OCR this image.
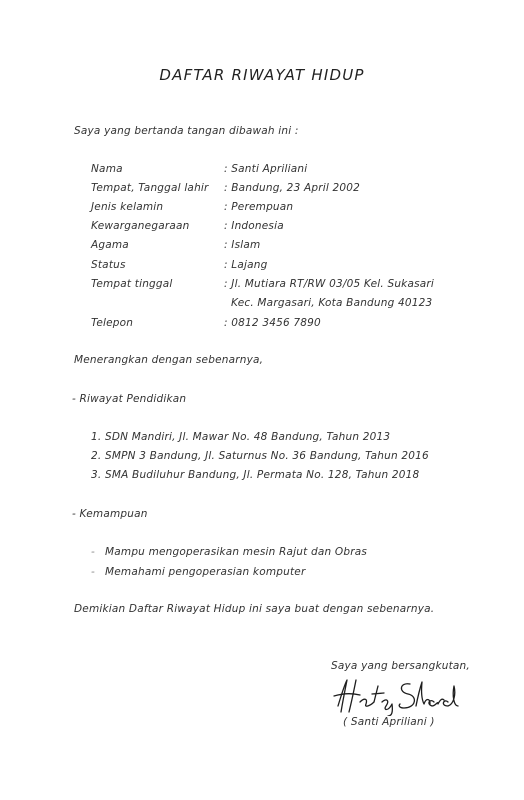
DAFTAR RIWAYAT HIDUP
Saya yang bertanda tangan dibawah ini :
Nama	: Santi Apriliani
Tempat, Tanggal lahir : Bandung, 23 April 2002
Jenis kelamin	: Perempuan
Kewarganegaraan	: Indonesia
Agama	: Islam
Status	: Lajang
Tempat tinggal	: Jl. Mutiara RT/RW 03/05 Kel. Sukasari
Kec. Margasari, Kota Bandung 40123
Telepon	: 0812 3456 7890
Menerangkan dengan sebenarnya,
- Riwayat Pendidikan
1. SDN Mandiri, Jl. Mawar No. 48 Bandung, Tahun 2013
2. SMPN 3 Bandung, Jl. Saturnus No. 36 Bandung, Tahun 2016
3. SMA Budiluhur Bandung, Jl. Permata No. 128, Tahun 2018
- Kemampuan
- Mampu mengoperasikan mesin Rajut dan Obras
- Memahami pengoperasian komputer
Demikian Daftar Riwayat Hidup ini saya buat dengan sebenarnya.
Saya yang bersangkutan,
( Santi Apriliani )
